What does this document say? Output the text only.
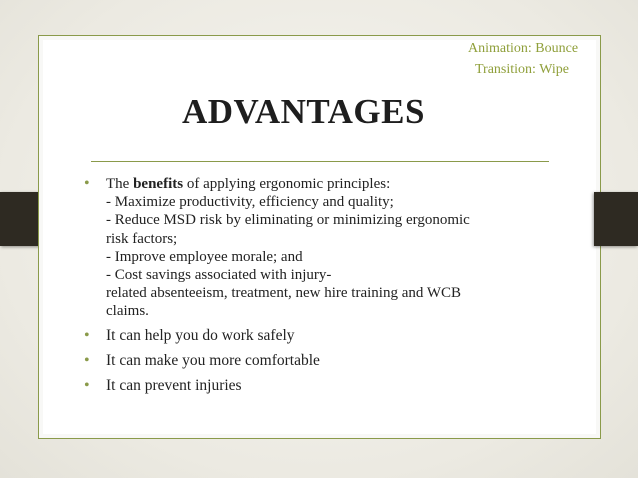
Animation: Bounce
Transition: Wipe
ADVANTAGES
• The benefits of applying ergonomic principles:
- Maximize productivity, efficiency and quality;
- Reduce MSD risk by eliminating or minimizing ergonomic
risk factors;
- Improve employee morale; and
- Cost savings associated with injury-
related absenteeism, treatment, new hire training and WCB
claims.
• It can help you do work safely
• It can make you more comfortable
• It can prevent injuries
